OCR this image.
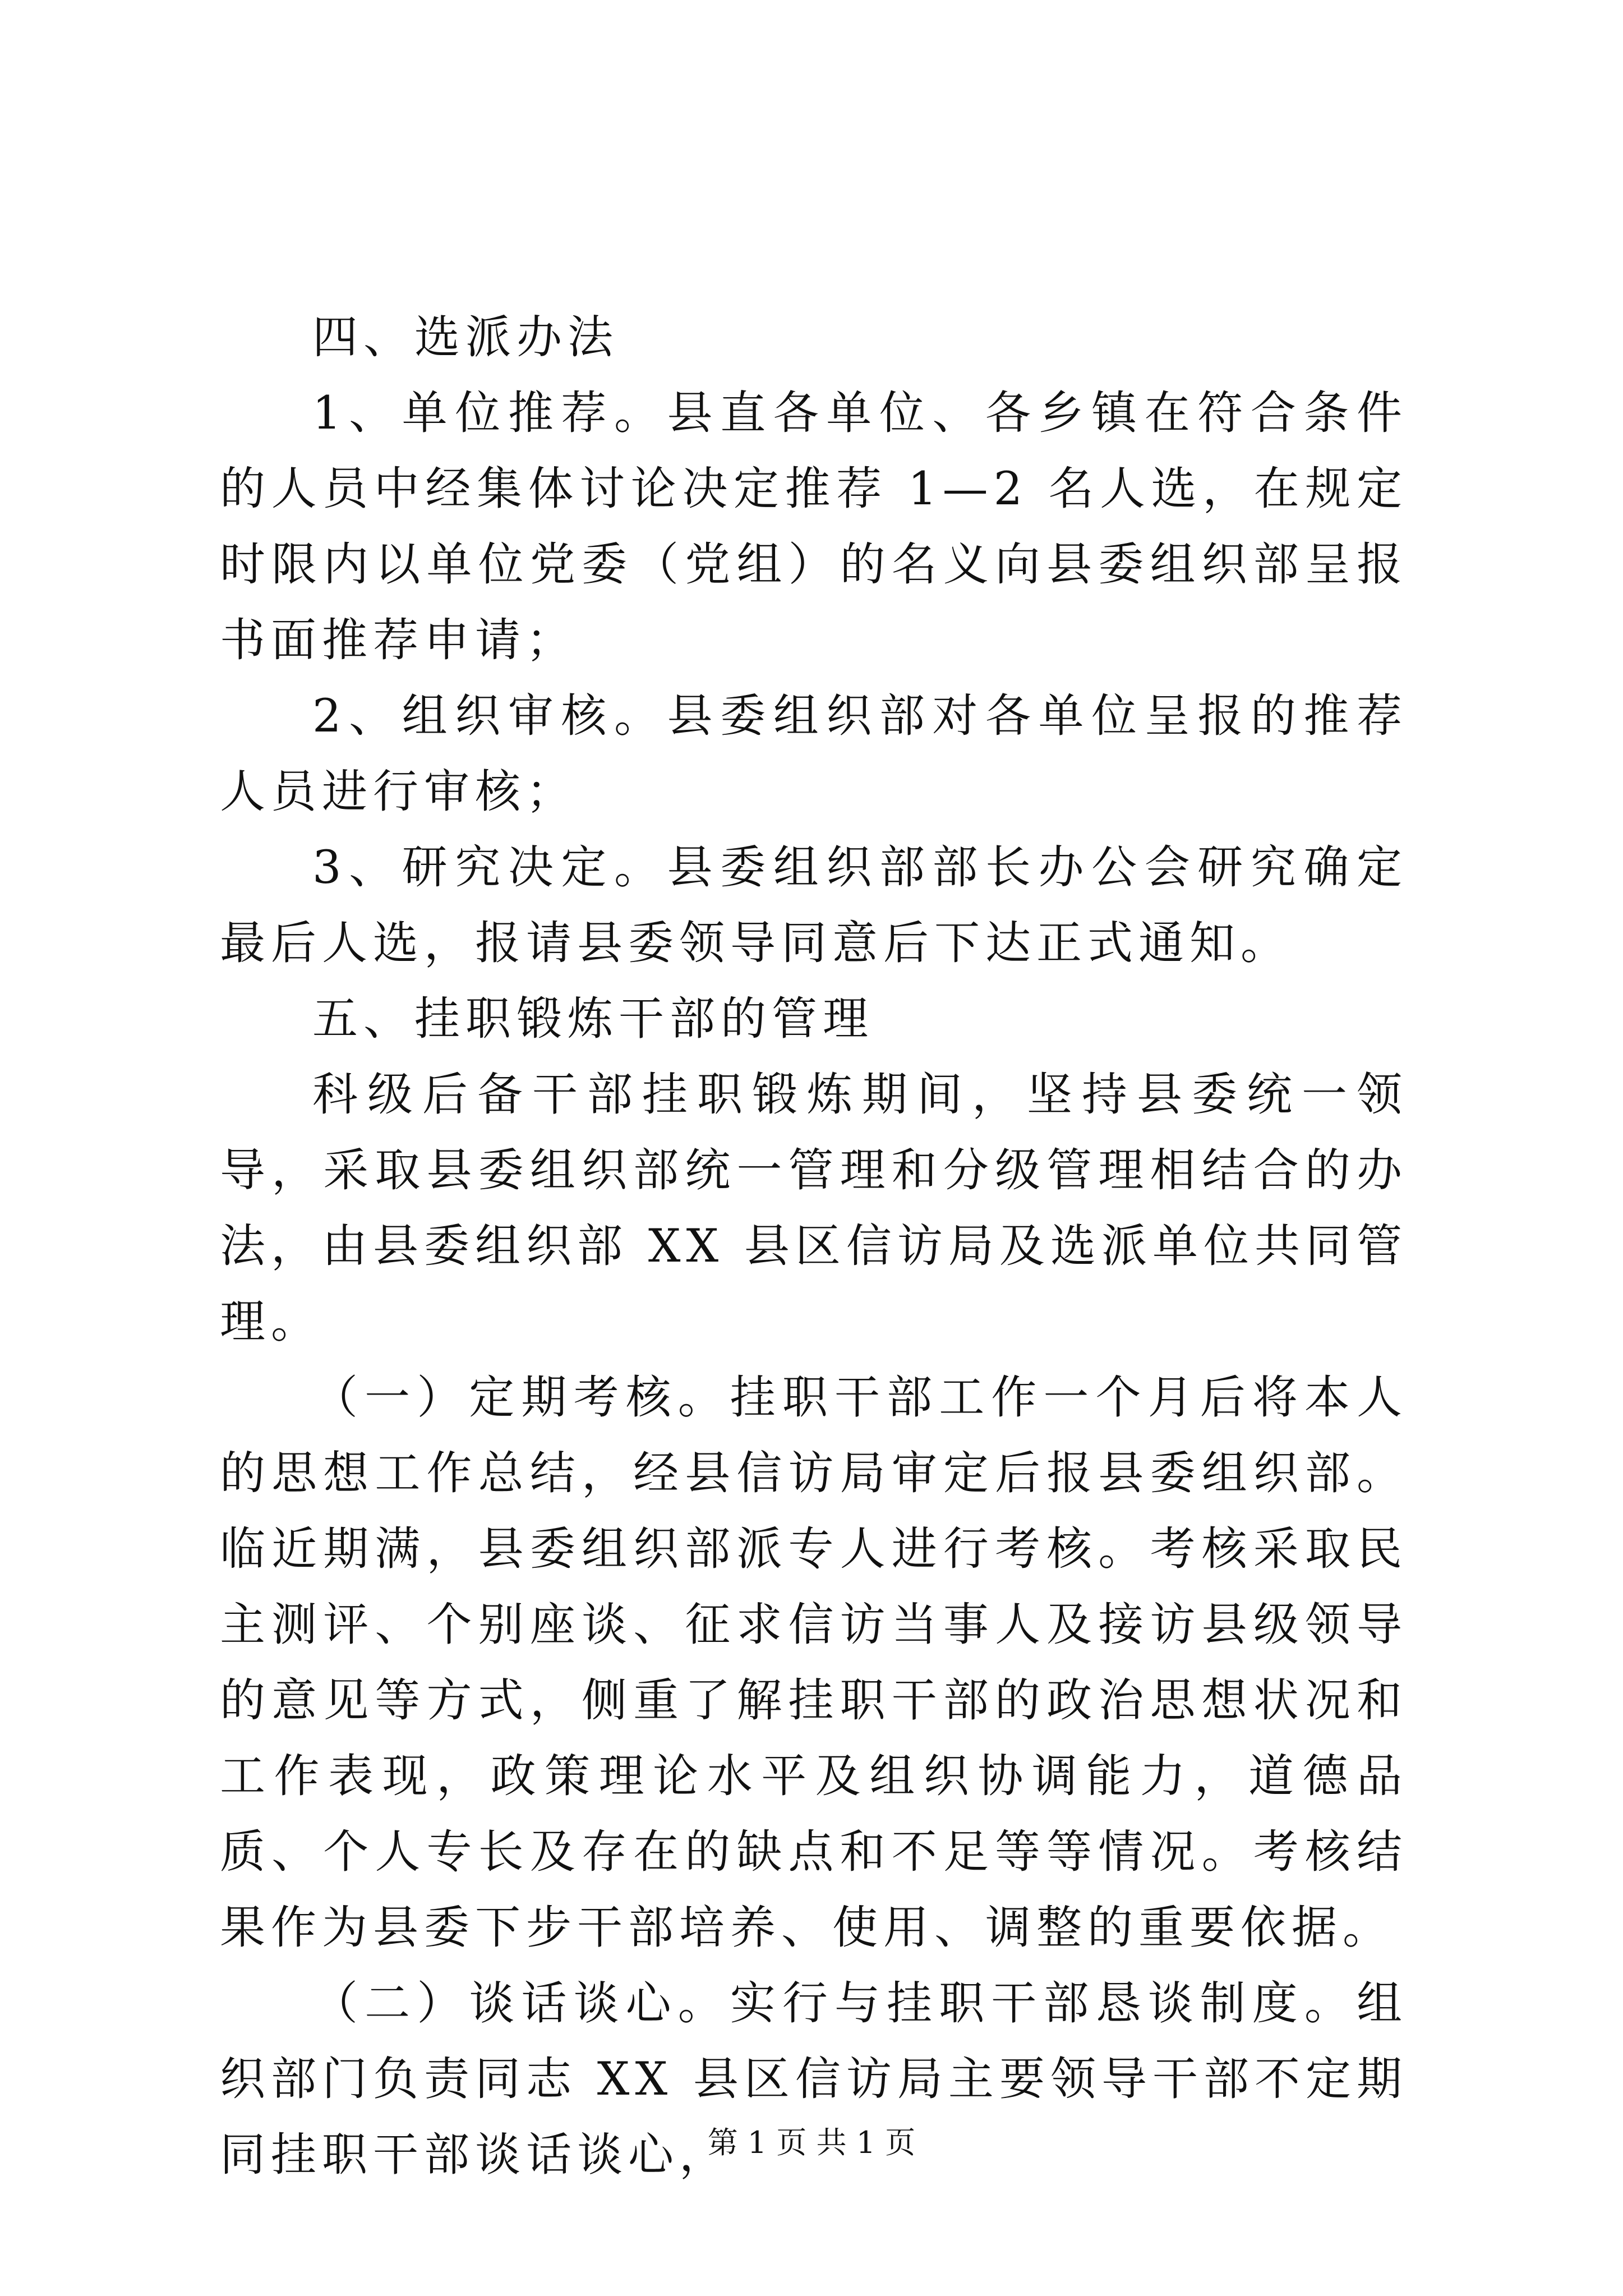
四、选派办法

1、单位推荐。县直各单位、各乡镇在符合条件的人员中经集体讨论决定推荐 1—2 名人选，在规定时限内以单位党委（党组）的名义向县委组织部呈报书面推荐申请；

2、组织审核。县委组织部对各单位呈报的推荐人员进行审核；

3、研究决定。县委组织部部长办公会研究确定最后人选，报请县委领导同意后下达正式通知。

五、挂职锻炼干部的管理

科级后备干部挂职锻炼期间，坚持县委统一领导，采取县委组织部统一管理和分级管理相结合的办法，由县委组织部 XX 县区信访局及选派单位共同管理。

（一）定期考核。挂职干部工作一个月后将本人的思想工作总结，经县信访局审定后报县委组织部。临近期满，县委组织部派专人进行考核。考核采取民主测评、个别座谈、征求信访当事人及接访县级领导的意见等方式，侧重了解挂职干部的政治思想状况和工作表现，政策理论水平及组织协调能力，道德品质、个人专长及存在的缺点和不足等等情况。考核结果作为县委下步干部培养、使用、调整的重要依据。

（二）谈话谈心。实行与挂职干部恳谈制度。组织部门负责同志 XX 县区信访局主要领导干部不定期同挂职干部谈话谈心，

第 1 页 共 1 页
